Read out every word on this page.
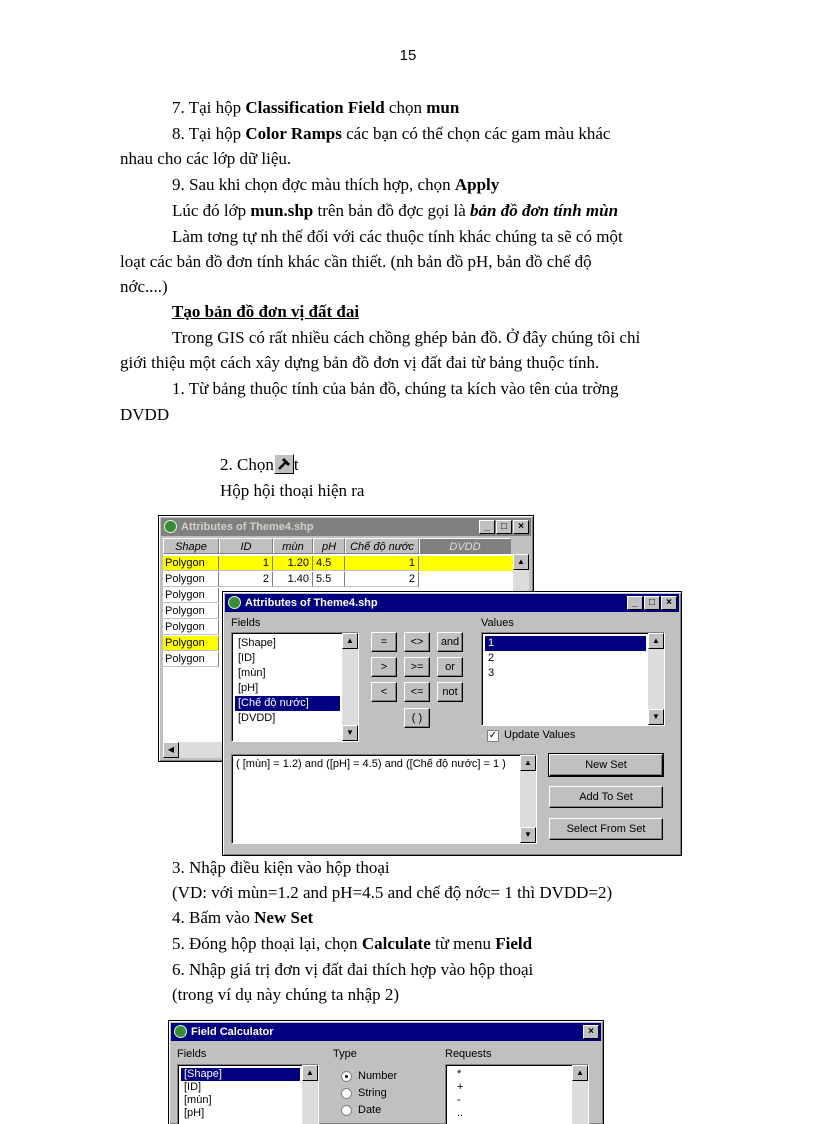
15
7. Tại hộp Classification Field chọn mun
8. Tại hộp Color Ramps các bạn có thể chọn các gam màu khác
nhau cho các lớp dữ liệu.
9. Sau khi chọn đợc màu thích hợp, chọn Apply
Lúc đó lớp mun.shp trên bản đồ đợc gọi là bản đồ đơn tính mùn
Làm tơng tự nh thế đối với các thuộc tính khác chúng ta sẽ có một
loạt các bản đồ đơn tính khác cần thiết. (nh bản đồ pH, bản đồ chế độ
nớc....)
Tạo bản đồ đơn vị đất đai
Trong GIS có rất nhiều cách chồng ghép bản đồ. Ở đây chúng tôi chỉ
giới thiệu một cách xây dựng bản đồ đơn vị đất đai từ bảng thuộc tính.
1. Từ bảng thuộc tính của bản đồ, chúng ta kích vào tên của trờng
DVDD
2. Chọn t
Hộp hội thoại hiện ra
Attributes of Theme4.shp	_	□	×
Shape	ID	mùn	pH	Chế độ nước	DVDD
Polygon	1	1.20 4.5	1
Polygon	2	1.40 5.5	2
Polygon
Polygon
Polygon
Polygon
Polygon
▲
◀
Attributes of Theme4.shp	_	□	×
Fields
[Shape]
[ID]
[mùn]
[pH]
[Chế độ nước]
[DVDD]
▲
▼
=	<>	and
>	>=	or
<	<=	not
( )
Values
1
2
3
▲
▼
✓ Update Values
( [mùn] = 1.2) and ([pH] = 4.5) and ([Chế độ nước] = 1 )	▲
▼
New Set
Add To Set
Select From Set
3. Nhập điều kiện vào hộp thoại
(VD: với mùn=1.2 and pH=4.5 and chế độ nớc= 1 thì DVDD=2)
4. Bấm vào New Set
5. Đóng hộp thoại lại, chọn Calculate từ menu Field
6. Nhập giá trị đơn vị đất đai thích hợp vào hộp thoại
(trong ví dụ này chúng ta nhập 2)
Field Calculator	×
Fields
[Shape]
[ID]
[mùn]
[pH]
▲
Type
Number
String
Date
Requests
*
+
-
..
▲
